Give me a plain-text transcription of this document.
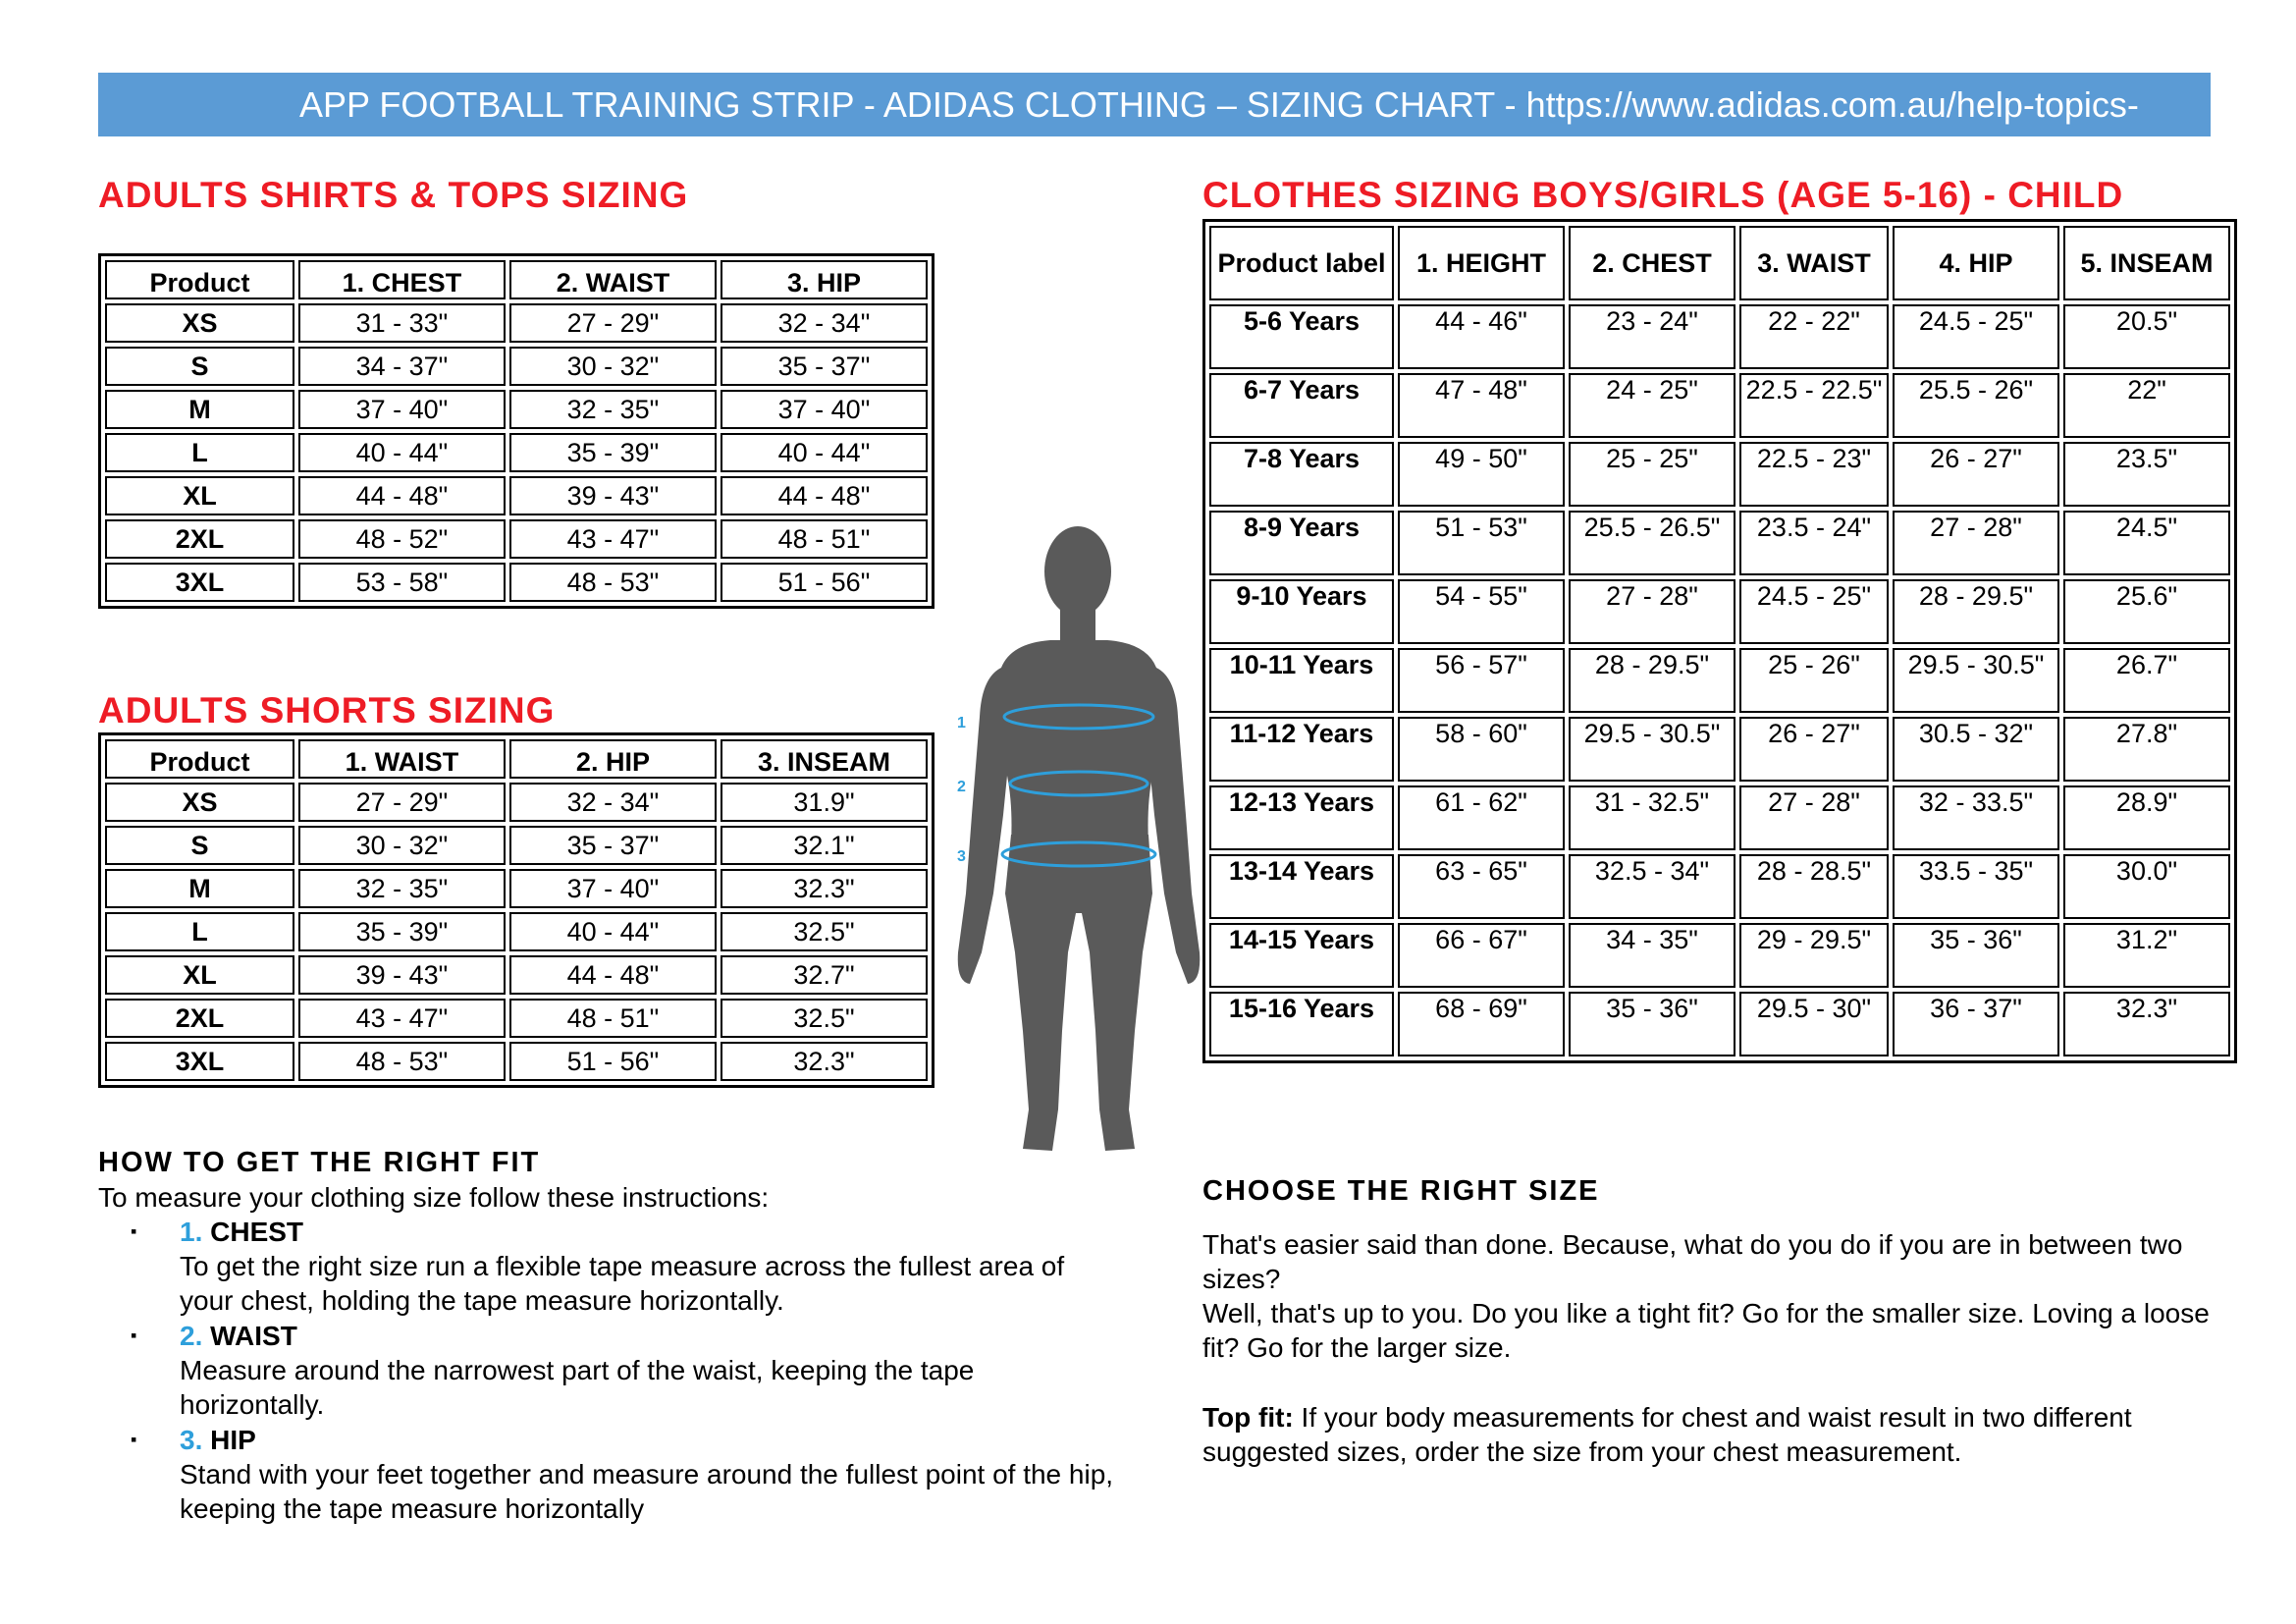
APP FOOTBALL TRAINING STRIP - ADIDAS CLOTHING – SIZING CHART - https://www.adidas.com.au/help-topics-
ADULTS SHIRTS & TOPS SIZING
Product	1. CHEST	2. WAIST	3. HIP
XS	31 - 33"	27 - 29"	32 - 34"
S	34 - 37"	30 - 32"	35 - 37"
M	37 - 40"	32 - 35"	37 - 40"
L	40 - 44"	35 - 39"	40 - 44"
XL	44 - 48"	39 - 43"	44 - 48"
2XL	48 - 52"	43 - 47"	48 - 51"
3XL	53 - 58"	48 - 53"	51 - 56"
ADULTS SHORTS SIZING
Product	1. WAIST	2. HIP	3. INSEAM
XS	27 - 29"	32 - 34"	31.9"
S	30 - 32"	35 - 37"	32.1"
M	32 - 35"	37 - 40"	32.3"
L	35 - 39"	40 - 44"	32.5"
XL	39 - 43"	44 - 48"	32.7"
2XL	43 - 47"	48 - 51"	32.5"
3XL	48 - 53"	51 - 56"	32.3"
CLOTHES SIZING BOYS/GIRLS (AGE 5-16) - CHILD
Product label	1. HEIGHT	2. CHEST	3. WAIST	4. HIP	5. INSEAM
5-6 Years	44 - 46"	23 - 24"	22 - 22"	24.5 - 25"	20.5"
6-7 Years	47 - 48"	24 - 25"	22.5 - 22.5"	25.5 - 26"	22"
7-8 Years	49 - 50"	25 - 25"	22.5 - 23"	26 - 27"	23.5"
8-9 Years	51 - 53"	25.5 - 26.5"	23.5 - 24"	27 - 28"	24.5"
9-10 Years	54 - 55"	27 - 28"	24.5 - 25"	28 - 29.5"	25.6"
10-11 Years	56 - 57"	28 - 29.5"	25 - 26"	29.5 - 30.5"	26.7"
11-12 Years	58 - 60"	29.5 - 30.5"	26 - 27"	30.5 - 32"	27.8"
12-13 Years	61 - 62"	31 - 32.5"	27 - 28"	32 - 33.5"	28.9"
13-14 Years	63 - 65"	32.5 - 34"	28 - 28.5"	33.5 - 35"	30.0"
14-15 Years	66 - 67"	34 - 35"	29 - 29.5"	35 - 36"	31.2"
15-16 Years	68 - 69"	35 - 36"	29.5 - 30"	36 - 37"	32.3"
1
2
3
HOW TO GET THE RIGHT FIT
To measure your clothing size follow these instructions:
▪ 1. CHEST
To get the right size run a flexible tape measure across the fullest area of your chest, holding the tape measure horizontally.
▪ 2. WAIST
Measure around the narrowest part of the waist, keeping the tape horizontally.
▪ 3. HIP
Stand with your feet together and measure around the fullest point of the hip, keeping the tape measure horizontally
CHOOSE THE RIGHT SIZE
That's easier said than done. Because, what do you do if you are in between two sizes?
Well, that's up to you. Do you like a tight fit? Go for the smaller size. Loving a loose fit? Go for the larger size.
Top fit: If your body measurements for chest and waist result in two different suggested sizes, order the size from your chest measurement.
